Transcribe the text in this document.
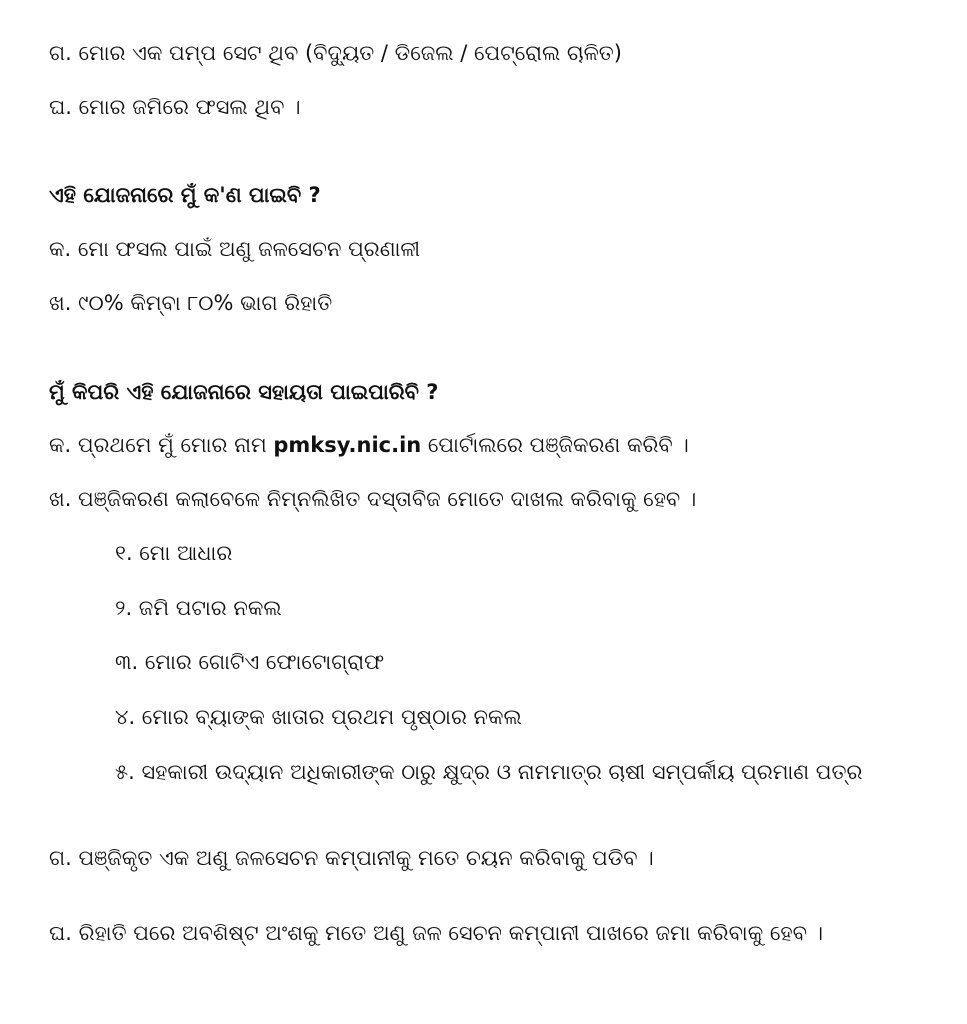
ଗ. ମୋର ଏକ ପମ୍ପ ସେଟ ଥିବ (ବିଦ୍ୟୁତ / ଡିଜେଲ / ପେଟ୍ରୋଲ ଚାଳିତ)

ଘ. ମୋର ଜମିରେ ଫସଲ ଥିବ ।

ଏହି ଯୋଜନାରେ ମୁଁ କ'ଣ ପାଇବି ?

କ. ମୋ ଫସଲ ପାଇଁ ଅଣୁ ଜଳସେଚନ ପ୍ରଣାଳୀ

ଖ. ୯୦% କିମ୍ବା ୮୦% ଭାଗ ରିହାତି

ମୁଁ କିପରି ଏହି ଯୋଜନାରେ ସହାୟତା ପାଇପାରିବି ?

କ. ପ୍ରଥମେ ମୁଁ ମୋର ନାମ pmksy.nic.in ପୋର୍ଟାଲରେ ପଞ୍ଜିକରଣ କରିବି ।

ଖ. ପଞ୍ଜିକରଣ କଲାବେଳେ ନିମ୍ନଲିଖିତ ଦସ୍ତାବିଜ ମୋତେ ଦାଖଲ କରିବାକୁ ହେବ ।

୧. ମୋ ଆଧାର

୨. ଜମି ପଟାର ନକଲ

୩. ମୋର ଗୋଟିଏ ଫୋଟୋଗ୍ରାଫ

୪. ମୋର ବ୍ୟାଙ୍କ ଖାତାର ପ୍ରଥମ ପୃଷ୍ଠାର ନକଲ

୫. ସହକାରୀ ଉଦ୍ୟାନ ଅଧିକାରୀଙ୍କ ଠାରୁ କ୍ଷୁଦ୍ର ଓ ନାମମାତ୍ର ଚାଷୀ ସମ୍ପର୍କୀୟ ପ୍ରମାଣ ପତ୍ର

ଗ. ପଞ୍ଜିକୃତ ଏକ ଅଣୁ ଜଳସେଚନ କମ୍ପାନୀକୁ ମତେ ଚୟନ କରିବାକୁ ପଡିବ ।

ଘ. ରିହାତି ପରେ ଅବଶିଷ୍ଟ ଅଂଶକୁ ମତେ ଅଣୁ ଜଳ ସେଚନ କମ୍ପାନୀ ପାଖରେ ଜମା କରିବାକୁ ହେବ ।
